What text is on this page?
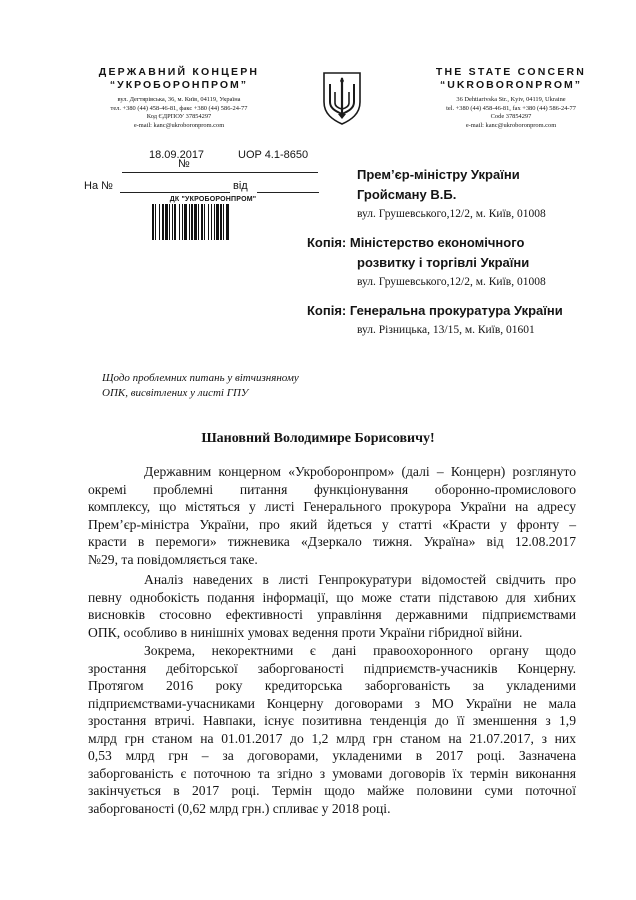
ДЕРЖАВНИЙ КОНЦЕРН
“УКРОБОРОНПРОМ”
вул. Дегтярівська, 36, м. Київ, 04119, Україна
тел. +380 (44) 458-46-81, факс +380 (44) 586-24-77
Код ЄДРПОУ 37854297
e-mail: kanc@ukroboronprom.com
THE STATE CONCERN
“UKROBORONPROM”
36 Dehtiarivska Str., Kyiv, 04119, Ukraine
tel. +380 (44) 458-46-81, fax +380 (44) 586-24-77
Code 37854297
e-mail: kanc@ukroboronprom.com
18.09.2017	UOP 4.1-8650
№
На №	від
ДК "УКРОБОРОНПРОМ"
Прем’єр-міністру України
Гройсману В.Б.
вул. Грушевського,12/2, м. Київ, 01008
Копія: Міністерство економічного
розвитку і торгівлі України
вул. Грушевського,12/2, м. Київ, 01008
Копія: Генеральна прокуратура України
вул. Різницька, 13/15, м. Київ, 01601
Щодо проблемних питань у вітчизняному
ОПК, висвітлених у листі ГПУ
Шановний Володимире Борисовичу!
Державним концерном «Укроборонпром» (далі – Концерн) розглянуто
окремі проблемні питання функціонування оборонно-промислового
комплексу, що містяться у листі Генерального прокурора України на адресу
Прем’єр-міністра України, про який йдеться у статті «Красти у фронту –
красти в перемоги» тижневика «Дзеркало тижня. Україна» від 12.08.2017
№29, та повідомляється таке.
Аналіз наведених в листі Генпрокуратури відомостей свідчить про
певну однобокість подання інформації, що може стати підставою для хибних
висновків стосовно ефективності управління державними підприємствами
ОПК, особливо в нинішніх умовах ведення проти України гібридної війни.
Зокрема, некоректними є дані правоохоронного органу щодо
зростання дебіторської заборгованості підприємств-учасників Концерну.
Протягом 2016 року кредиторська заборгованість за укладеними
підприємствами-учасниками Концерну договорами з МО України не мала
зростання втричі. Навпаки, існує позитивна тенденція до її зменшення з 1,9
млрд грн станом на 01.01.2017 до 1,2 млрд грн станом на 21.07.2017, з них
0,53 млрд грн – за договорами, укладеними в 2017 році. Зазначена
заборгованість є поточною та згідно з умовами договорів їх термін виконання
закінчується в 2017 році. Термін щодо майже половини суми поточної
заборгованості (0,62 млрд грн.) спливає у 2018 році.
